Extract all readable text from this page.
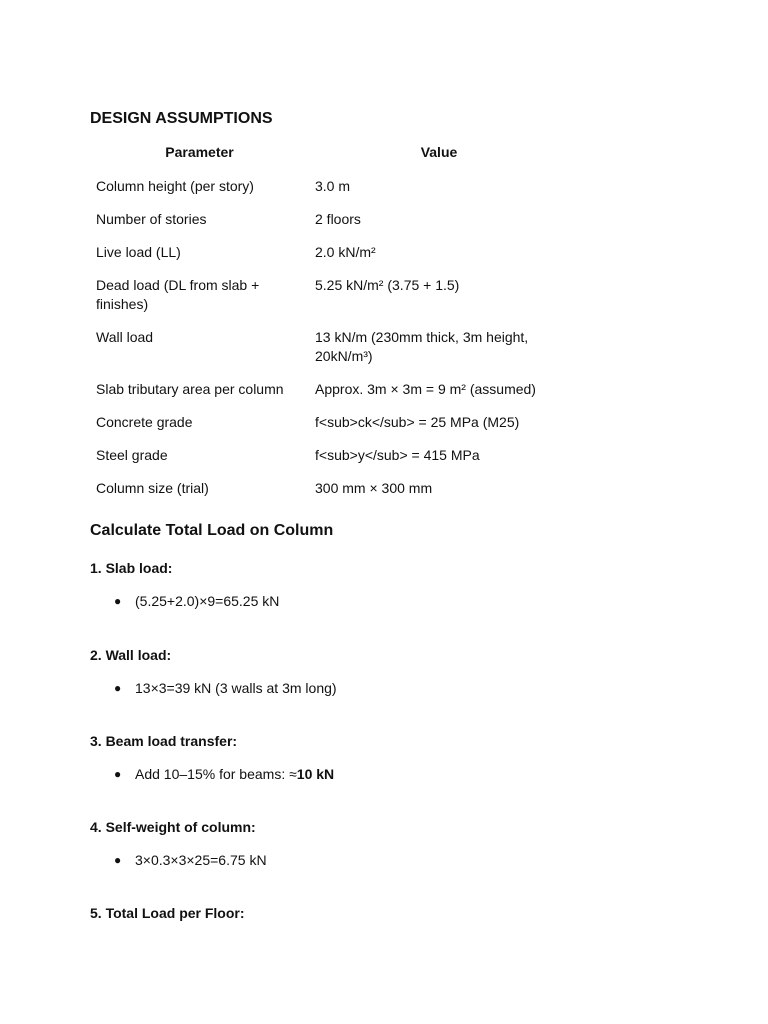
DESIGN ASSUMPTIONS
Parameter	Value
Column height (per story)	3.0 m
Number of stories	2 floors
Live load (LL)	2.0 kN/m²
Dead load (DL from slab + finishes)	5.25 kN/m² (3.75 + 1.5)
Wall load	13 kN/m (230mm thick, 3m height, 20kN/m³)
Slab tributary area per column	Approx. 3m × 3m = 9 m² (assumed)
Concrete grade	f<sub>ck</sub> = 25 MPa (M25)
Steel grade	f<sub>y</sub> = 415 MPa
Column size (trial)	300 mm × 300 mm
Calculate Total Load on Column

1. Slab load:

● (5.25+2.0)×9=65.25 kN

2. Wall load:

● 13×3=39 kN (3 walls at 3m long)

3. Beam load transfer:

● Add 10–15% for beams: ≈ 10 kN

4. Self-weight of column:

● 3×0.3×3×25=6.75 kN

5. Total Load per Floor:
